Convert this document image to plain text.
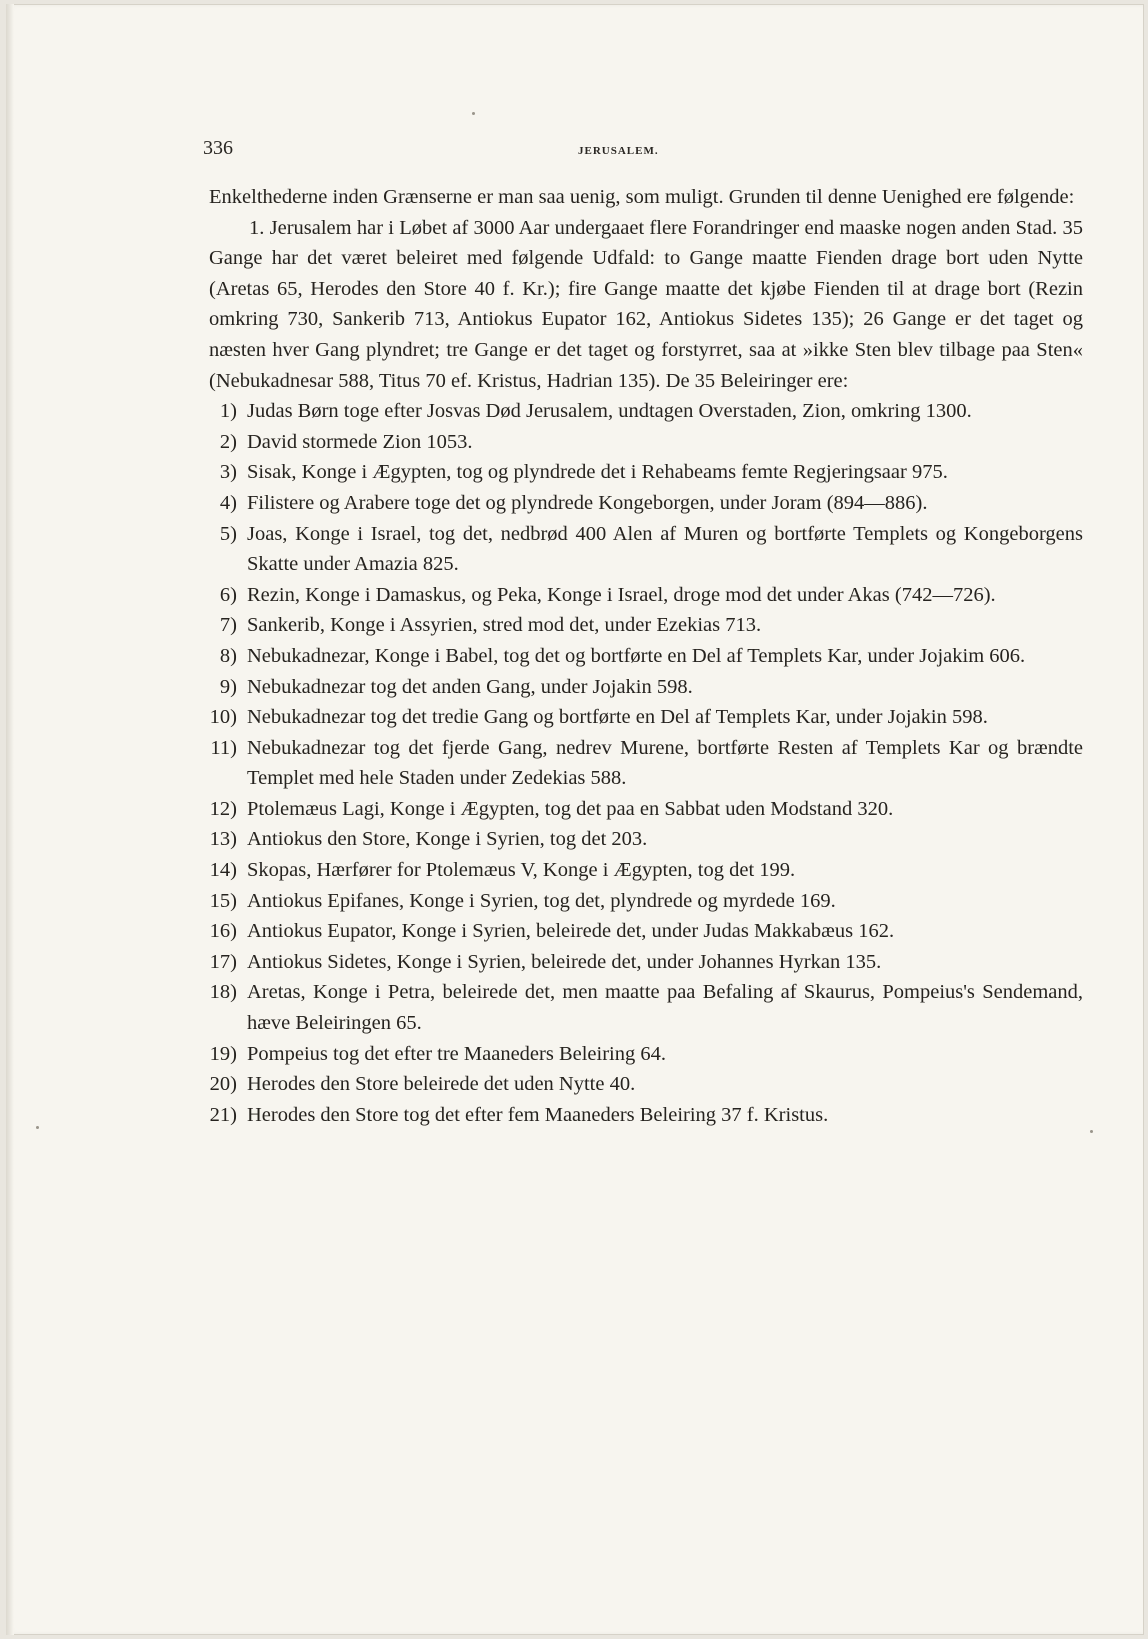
336	JERUSALEM.

Enkelthederne inden Grænserne er man saa uenig, som muligt. Grunden til denne Uenighed ere følgende:

1. Jerusalem har i Løbet af 3000 Aar undergaaet flere Forandringer end maaske nogen anden Stad. 35 Gange har det været beleiret med følgende Udfald: to Gange maatte Fienden drage bort uden Nytte (Aretas 65, Herodes den Store 40 f. Kr.); fire Gange maatte det kjøbe Fienden til at drage bort (Rezin omkring 730, Sankerib 713, Antiokus Eupator 162, Antiokus Sidetes 135); 26 Gange er det taget og næsten hver Gang plyndret; tre Gange er det taget og forstyrret, saa at »ikke Sten blev tilbage paa Sten« (Nebukadnesar 588, Titus 70 ef. Kristus, Hadrian 135). De 35 Beleiringer ere:

1) Judas Børn toge efter Josvas Død Jerusalem, undtagen Overstaden, Zion, omkring 1300.
2) David stormede Zion 1053.
3) Sisak, Konge i Ægypten, tog og plyndrede det i Rehabeams femte Regjeringsaar 975.
4) Filistere og Arabere toge det og plyndrede Kongeborgen, under Joram (894—886).
5) Joas, Konge i Israel, tog det, nedbrød 400 Alen af Muren og bortførte Templets og Kongeborgens Skatte under Amazia 825.
6) Rezin, Konge i Damaskus, og Peka, Konge i Israel, droge mod det under Akas (742—726).
7) Sankerib, Konge i Assyrien, stred mod det, under Ezekias 713.
8) Nebukadnezar, Konge i Babel, tog det og bortførte en Del af Templets Kar, under Jojakim 606.
9) Nebukadnezar tog det anden Gang, under Jojakin 598.
10) Nebukadnezar tog det tredie Gang og bortførte en Del af Templets Kar, under Jojakin 598.
11) Nebukadnezar tog det fjerde Gang, nedrev Murene, bortførte Resten af Templets Kar og brændte Templet med hele Staden under Zedekias 588.
12) Ptolemæus Lagi, Konge i Ægypten, tog det paa en Sabbat uden Modstand 320.
13) Antiokus den Store, Konge i Syrien, tog det 203.
14) Skopas, Hærfører for Ptolemæus V, Konge i Ægypten, tog det 199.
15) Antiokus Epifanes, Konge i Syrien, tog det, plyndrede og myrdede 169.
16) Antiokus Eupator, Konge i Syrien, beleirede det, under Judas Makkabæus 162.
17) Antiokus Sidetes, Konge i Syrien, beleirede det, under Johannes Hyrkan 135.
18) Aretas, Konge i Petra, beleirede det, men maatte paa Befaling af Skaurus, Pompeius's Sendemand, hæve Beleiringen 65.
19) Pompeius tog det efter tre Maaneders Beleiring 64.
20) Herodes den Store beleirede det uden Nytte 40.
21) Herodes den Store tog det efter fem Maaneders Beleiring 37 f. Kristus.
